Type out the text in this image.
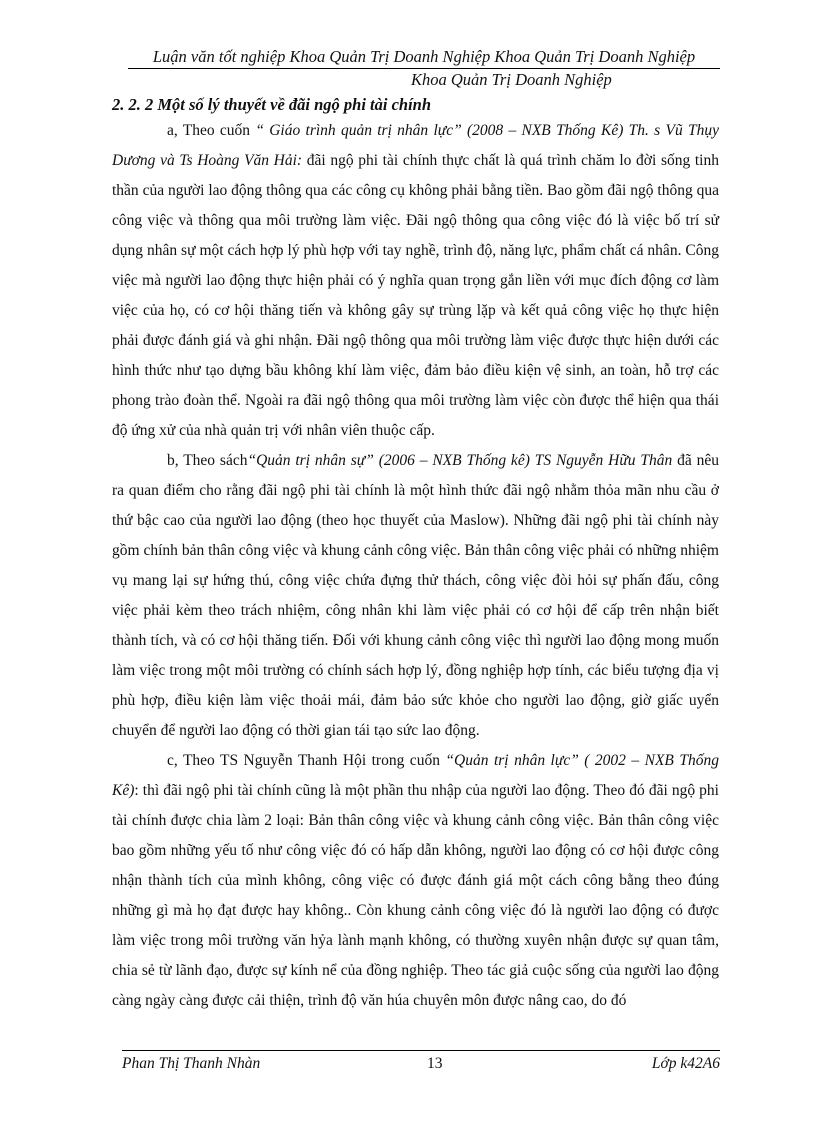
Luận văn tốt nghiệp Khoa Quản Trị Doanh Nghiệp Khoa Quản Trị Doanh Nghiệp
Khoa Quản Trị Doanh Nghiệp
2. 2. 2 Một số lý thuyết về đãi ngộ phi tài chính

a, Theo cuốn “ Giáo trình quản trị nhân lực” (2008 – NXB Thống Kê) Th. s Vũ Thụy Dương và Ts Hoàng Văn Hải: đãi ngộ phi tài chính thực chất là quá trình chăm lo đời sống tinh thần của người lao động thông qua các công cụ không phải bằng tiền. Bao gồm đãi ngộ thông qua công việc và thông qua môi trường làm việc. Đãi ngộ thông qua công việc đó là việc bố trí sử dụng nhân sự một cách hợp lý phù hợp với tay nghề, trình độ, năng lực, phẩm chất cá nhân. Công việc mà người lao động thực hiện phải có ý nghĩa quan trọng gắn liền với mục đích động cơ làm việc của họ, có cơ hội thăng tiến và không gây sự trùng lặp và kết quả công việc họ thực hiện phải được đánh giá và ghi nhận. Đãi ngộ thông qua môi trường làm việc được thực hiện dưới các hình thức như tạo dựng bầu không khí làm việc, đảm bảo điều kiện vệ sinh, an toàn, hỗ trợ các phong trào đoàn thể. Ngoài ra đãi ngộ thông qua môi trường làm việc còn được thể hiện qua thái độ ứng xử của nhà quản trị với nhân viên thuộc cấp.

b, Theo sách“Quản trị nhân sự” (2006 – NXB Thống kê) TS Nguyễn Hữu Thân đã nêu ra quan điểm cho rằng đãi ngộ phi tài chính là một hình thức đãi ngộ nhằm thỏa mãn nhu cầu ở thứ bậc cao của người lao động (theo học thuyết của Maslow). Những đãi ngộ phi tài chính này gồm chính bản thân công việc và khung cảnh công việc. Bản thân công việc phải có những nhiệm vụ mang lại sự hứng thú, công việc chứa đựng thử thách, công việc đòi hỏi sự phấn đấu, công việc phải kèm theo trách nhiệm, công nhân khi làm việc phải có cơ hội để cấp trên nhận biết thành tích, và có cơ hội thăng tiến. Đối với khung cảnh công việc thì người lao động mong muốn làm việc trong một môi trường có chính sách hợp lý, đồng nghiệp hợp tính, các biểu tượng địa vị phù hợp, điều kiện làm việc thoải mái, đảm bảo sức khỏe cho người lao động, giờ giấc uyển chuyển để người lao động có thời gian tái tạo sức lao động.

c, Theo TS Nguyễn Thanh Hội trong cuốn “Quản trị nhân lực” ( 2002 – NXB Thống Kê): thì đãi ngộ phi tài chính cũng là một phần thu nhập của người lao động. Theo đó đãi ngộ phi tài chính được chia làm 2 loại: Bản thân công việc và khung cảnh công việc. Bản thân công việc bao gồm những yếu tố như công việc đó có hấp dẫn không, người lao động có cơ hội được công nhận thành tích của mình không, công việc có được đánh giá một cách công bằng theo đúng những gì mà họ đạt được hay không.. Còn khung cảnh công việc đó là người lao động có được làm việc trong môi trường văn hỷa lành mạnh không, có thường xuyên nhận được sự quan tâm, chia sẻ từ lãnh đạo, được sự kính nể của đồng nghiệp. Theo tác giả cuộc sống của người lao động càng ngày càng được cải thiện, trình độ văn húa chuyên môn được nâng cao, do đó

Phan Thị Thanh Nhàn	Lớp k42A6
13
